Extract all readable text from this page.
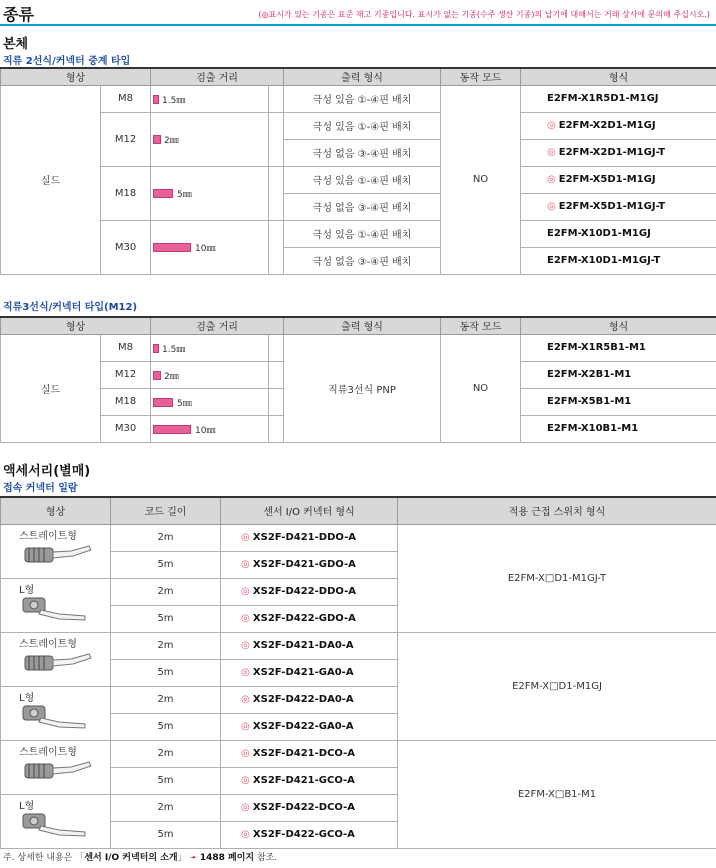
종류	(◎표시가 있는 기종은 표준 재고 기종입니다. 표시가 없는 기종(수주 생산 기종)의 납기에 대해서는 거래 상사에 문의해 주십시오.)
본체
직류 2선식/커넥터 중계 타입
형상		검출 거리	출력 형식	동작 모드	형식
실드	M8	1.5㎜	극성 있음 ①-④핀 배치	NO	E2FM-X1R5D1-M1GJ
	M12	2㎜	극성 있음 ①-④핀 배치		◎ E2FM-X2D1-M1GJ
			극성 없음 ③-④핀 배치		◎ E2FM-X2D1-M1GJ-T
	M18	5㎜	극성 있음 ①-④핀 배치		◎ E2FM-X5D1-M1GJ
			극성 없음 ③-④핀 배치		◎ E2FM-X5D1-M1GJ-T
	M30	10㎜	극성 있음 ①-④핀 배치		E2FM-X10D1-M1GJ
			극성 없음 ③-④핀 배치		E2FM-X10D1-M1GJ-T
직류3선식/커넥터 타입(M12)
형상		검출 거리	출력 형식	동작 모드	형식
실드	M8	1.5㎜	직류3선식 PNP	NO	E2FM-X1R5B1-M1
	M12	2㎜			E2FM-X2B1-M1
	M18	5㎜			E2FM-X5B1-M1
	M30	10㎜			E2FM-X10B1-M1
액세서리(별매)
접속 커넥터 일람
형상	코드 길이	센서 I/O 커넥터 형식	적용 근접 스위치 형식

스트레이트형	2m	◎ XS2F-D421-DDO-A	E2FM-X□D1-M1GJ-T
	5m	◎ XS2F-D421-GDO-A	

L형	2m	◎ XS2F-D422-DDO-A	
	5m	◎ XS2F-D422-GDO-A	

스트레이트형	2m	◎ XS2F-D421-DA0-A	E2FM-X□D1-M1GJ
	5m	◎ XS2F-D421-GA0-A	

L형	2m	◎ XS2F-D422-DA0-A	
	5m	◎ XS2F-D422-GA0-A	

스트레이트형	2m	◎ XS2F-D421-DCO-A	E2FM-X□B1-M1
	5m	◎ XS2F-D421-GCO-A	

L형	2m	◎ XS2F-D422-DCO-A	
	5m	◎ XS2F-D422-GCO-A	
주. 상세한 내용은 「센서 I/O 커넥터의 소개」 ➛ 1488 페이지 참조.
